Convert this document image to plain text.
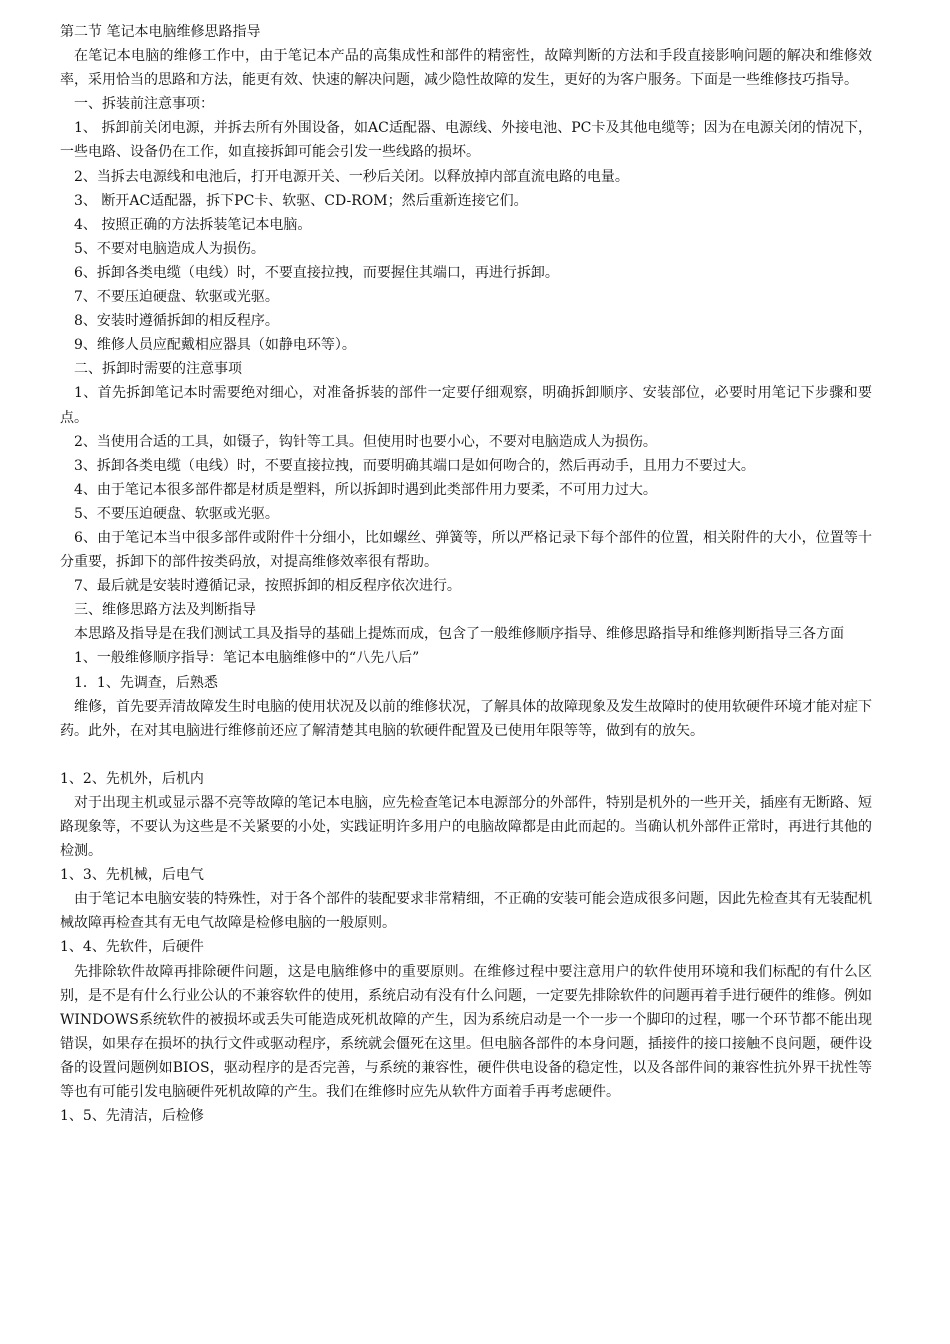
第二节 笔记本电脑维修思路指导

在笔记本电脑的维修工作中，由于笔记本产品的高集成性和部件的精密性，故障判断的方法和手段直接影响问题的解决和维修效率，采用恰当的思路和方法，能更有效、快速的解决问题，减少隐性故障的发生，更好的为客户服务。下面是一些维修技巧指导。

一、拆装前注意事项：

1、 拆卸前关闭电源，并拆去所有外围设备，如AC适配器、电源线、外接电池、PC卡及其他电缆等；因为在电源关闭的情况下，一些电路、设备仍在工作，如直接拆卸可能会引发一些线路的损坏。

2、当拆去电源线和电池后，打开电源开关、一秒后关闭。以释放掉内部直流电路的电量。

3、 断开AC适配器，拆下PC卡、软驱、CD-ROM；然后重新连接它们。

4、 按照正确的方法拆装笔记本电脑。

5、不要对电脑造成人为损伤。

6、拆卸各类电缆（电线）时，不要直接拉拽，而要握住其端口，再进行拆卸。

7、不要压迫硬盘、软驱或光驱。

8、安装时遵循拆卸的相反程序。

9、维修人员应配戴相应器具（如静电环等）。

二、拆卸时需要的注意事项

1、首先拆卸笔记本时需要绝对细心，对准备拆装的部件一定要仔细观察，明确拆卸顺序、安装部位，必要时用笔记下步骤和要点。

2、当使用合适的工具，如镊子，钩针等工具。但使用时也要小心，不要对电脑造成人为损伤。

3、拆卸各类电缆（电线）时，不要直接拉拽，而要明确其端口是如何吻合的，然后再动手，且用力不要过大。

4、由于笔记本很多部件都是材质是塑料，所以拆卸时遇到此类部件用力要柔，不可用力过大。

5、不要压迫硬盘、软驱或光驱。

6、由于笔记本当中很多部件或附件十分细小，比如螺丝、弹簧等，所以严格记录下每个部件的位置，相关附件的大小，位置等十分重要，拆卸下的部件按类码放，对提高维修效率很有帮助。

7、最后就是安装时遵循记录，按照拆卸的相反程序依次进行。

三、维修思路方法及判断指导

本思路及指导是在我们测试工具及指导的基础上提炼而成，包含了一般维修顺序指导、维修思路指导和维修判断指导三各方面

1、一般维修顺序指导：笔记本电脑维修中的“八先八后”

1．1、先调查，后熟悉

维修，首先要弄清故障发生时电脑的使用状况及以前的维修状况，了解具体的故障现象及发生故障时的使用软硬件环境才能对症下药。此外，在对其电脑进行维修前还应了解清楚其电脑的软硬件配置及已使用年限等等，做到有的放矢。

1、2、先机外，后机内

对于出现主机或显示器不亮等故障的笔记本电脑，应先检查笔记本电源部分的外部件，特别是机外的一些开关，插座有无断路、短路现象等，不要认为这些是不关紧要的小处，实践证明许多用户的电脑故障都是由此而起的。当确认机外部件正常时，再进行其他的检测。

1、3、先机械，后电气

由于笔记本电脑安装的特殊性，对于各个部件的装配要求非常精细，不正确的安装可能会造成很多问题，因此先检查其有无装配机械故障再检查其有无电气故障是检修电脑的一般原则。

1、4、先软件，后硬件

先排除软件故障再排除硬件问题，这是电脑维修中的重要原则。在维修过程中要注意用户的软件使用环境和我们标配的有什么区别，是不是有什么行业公认的不兼容软件的使用，系统启动有没有什么问题，一定要先排除软件的问题再着手进行硬件的维修。例如WINDOWS系统软件的被损坏或丢失可能造成死机故障的产生，因为系统启动是一个一步一个脚印的过程，哪一个环节都不能出现错误，如果存在损坏的执行文件或驱动程序，系统就会僵死在这里。但电脑各部件的本身问题，插接件的接口接触不良问题，硬件设备的设置问题例如BIOS，驱动程序的是否完善，与系统的兼容性，硬件供电设备的稳定性，以及各部件间的兼容性抗外界干扰性等等也有可能引发电脑硬件死机故障的产生。我们在维修时应先从软件方面着手再考虑硬件。

1、5、先清洁，后检修
